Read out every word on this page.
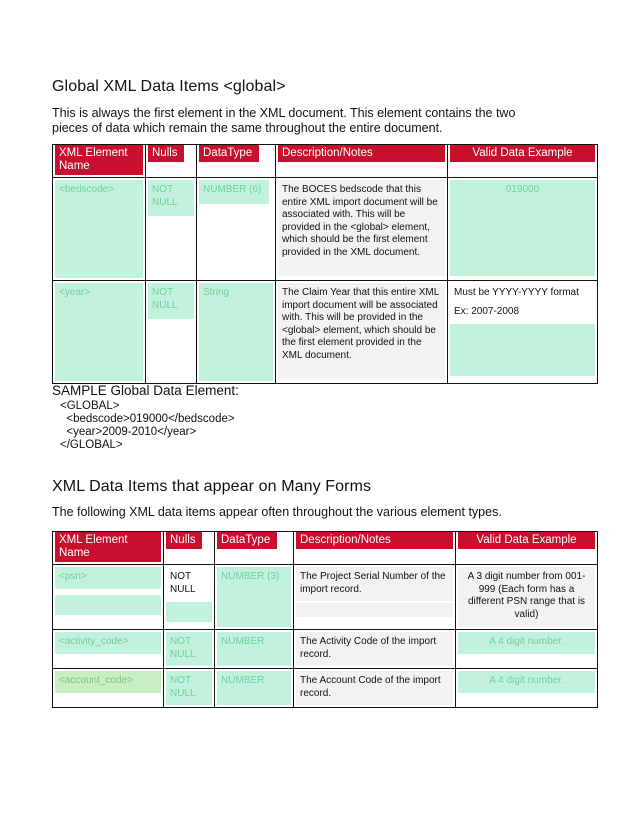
Global XML Data Items <global>

This is always the first element in the XML document. This element contains the two pieces of data which remain the same throughout the entire document.

XML Element Name	Nulls	DataType	Description/Notes	Valid Data Example

<bedscode>	NOT NULL	NUMBER (6)	The BOCES bedscode that this entire XML import document will be associated with. This will be provided in the <global> element, which should be the first element provided in the XML document.	019000

<year>	NOT NULL	String	The Claim Year that this entire XML import document will be associated with. This will be provided in the <global> element, which should be the first element provided in the XML document.	Must be YYYY-YYYY format
Ex: 2007-2008
SAMPLE Global Data Element:
<GLOBAL>
<bedscode>019000</bedscode>
<year>2009-2010</year>
</GLOBAL>
XML Data Items that appear on Many Forms

The following XML data items appear often throughout the various element types.

XML Element Name	Nulls	DataType	Description/Notes	Valid Data Example

<psn>	NOT NULL	NUMBER (3)	The Project Serial Number of the import record.	A 3 digit number from 001-999 (Each form has a different PSN range that is valid)

<activity_code>	NOT NULL	NUMBER	The Activity Code of the import record.	A 4 digit number.

<account_code>	NOT NULL	NUMBER	The Account Code of the import record.	A 4 digit number.
